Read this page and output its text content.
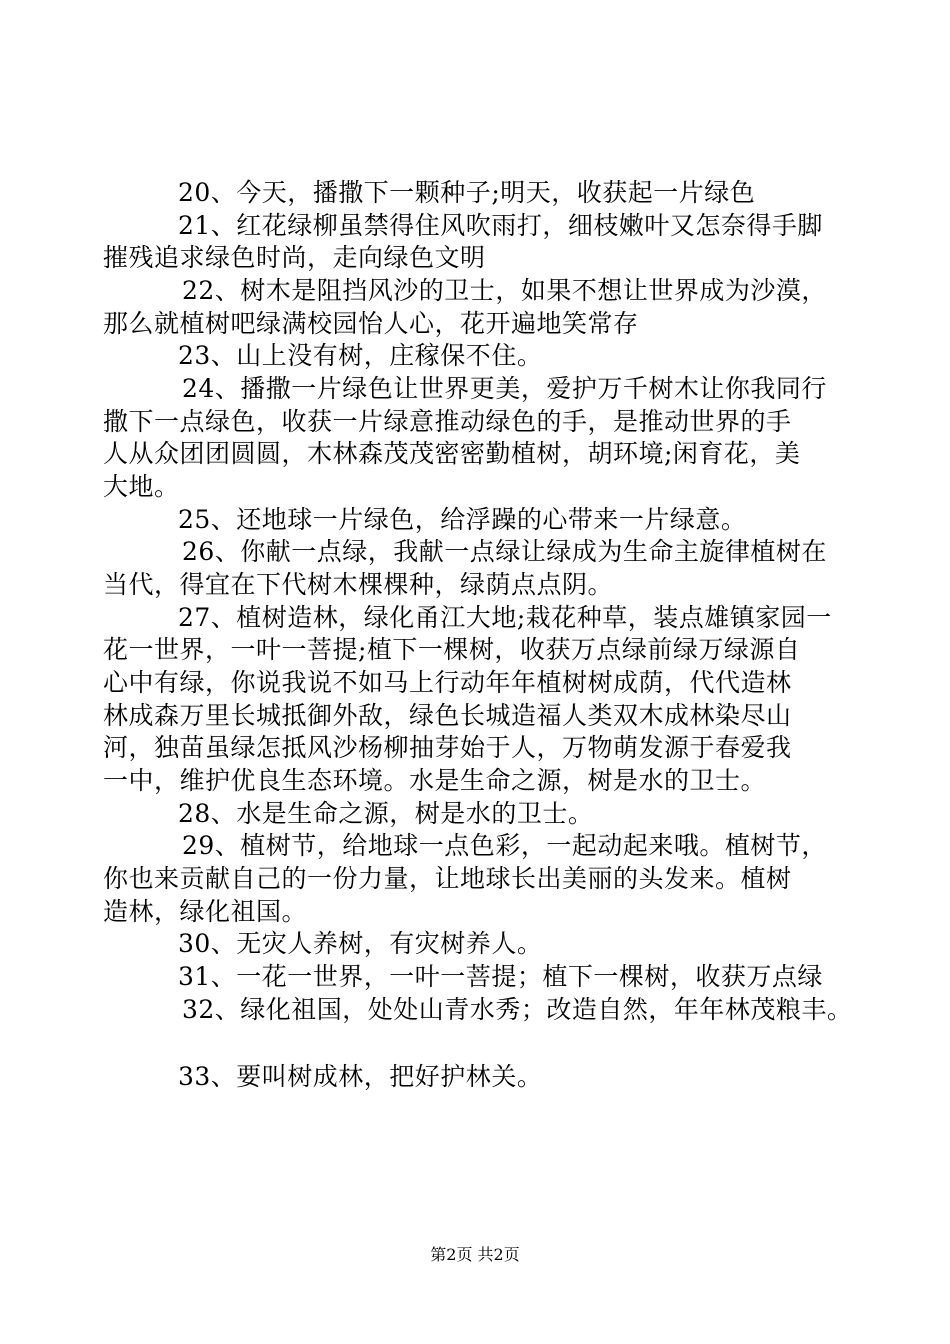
20、今天，播撒下一颗种子;明天，收获起一片绿色
21、红花绿柳虽禁得住风吹雨打，细枝嫩叶又怎奈得手脚
摧残追求绿色时尚，走向绿色文明
22、树木是阻挡风沙的卫士，如果不想让世界成为沙漠，
那么就植树吧绿满校园怡人心，花开遍地笑常存
23、山上没有树，庄稼保不住。
24、播撒一片绿色让世界更美，爱护万千树木让你我同行
撒下一点绿色，收获一片绿意推动绿色的手，是推动世界的手
人从众团团圆圆，木林森茂茂密密勤植树，胡环境;闲育花，美
大地。
25、还地球一片绿色，给浮躁的心带来一片绿意。
26、你献一点绿，我献一点绿让绿成为生命主旋律植树在
当代，得宜在下代树木棵棵种，绿荫点点阴。
27、植树造林，绿化甬江大地;栽花种草，装点雄镇家园一
花一世界，一叶一菩提;植下一棵树，收获万点绿前绿万绿源自
心中有绿，你说我说不如马上行动年年植树树成荫，代代造林
林成森万里长城抵御外敌，绿色长城造福人类双木成林染尽山
河，独苗虽绿怎抵风沙杨柳抽芽始于人，万物萌发源于春爱我
一中，维护优良生态环境。水是生命之源，树是水的卫士。
28、水是生命之源，树是水的卫士。
29、植树节，给地球一点色彩，一起动起来哦。植树节，
你也来贡献自己的一份力量，让地球长出美丽的头发来。植树
造林，绿化祖国。
30、无灾人养树，有灾树养人。
31、一花一世界，一叶一菩提；植下一棵树，收获万点绿
32、绿化祖国，处处山青水秀；改造自然，年年林茂粮丰。
33、要叫树成林，把好护林关。
第2页 共2页
